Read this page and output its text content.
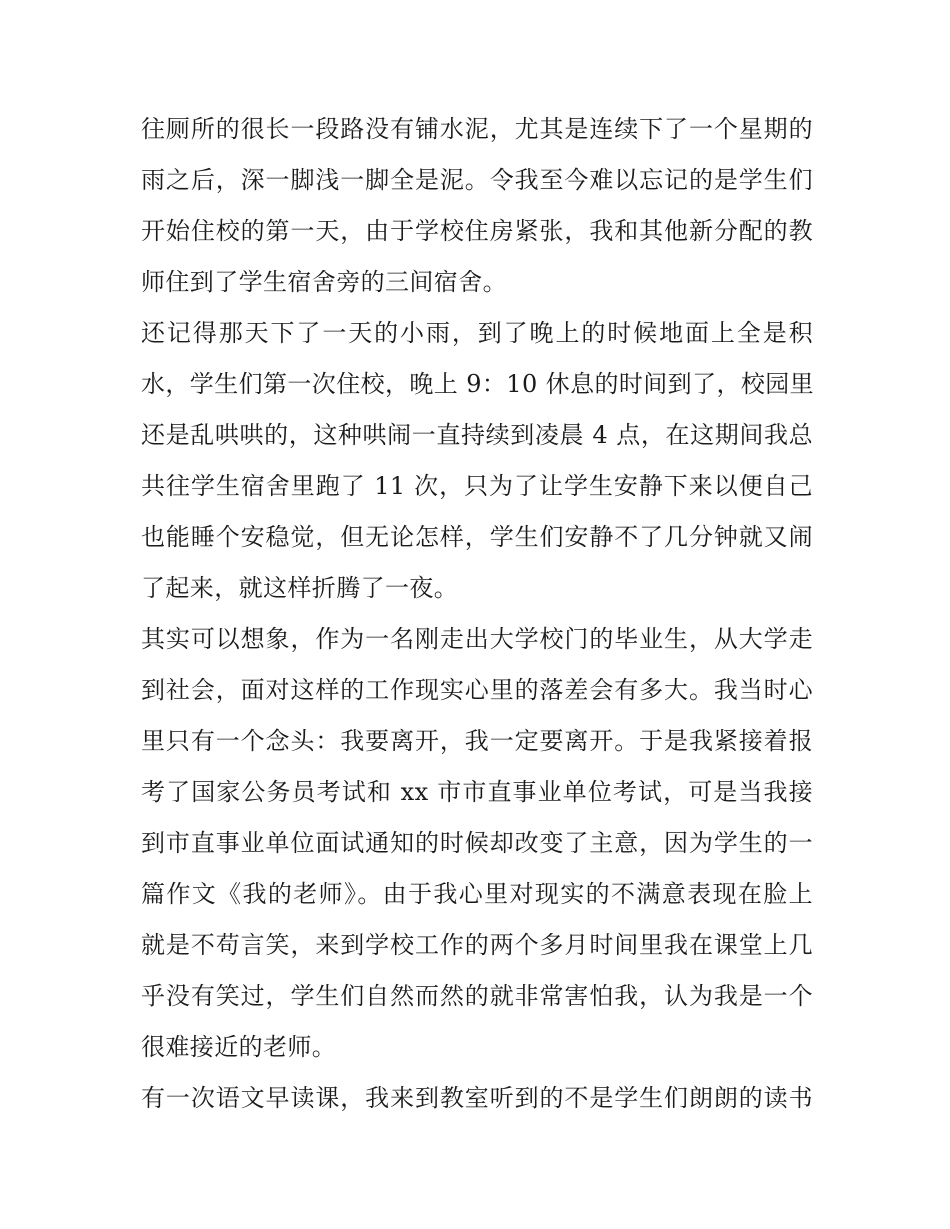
往厕所的很长一段路没有铺水泥，尤其是连续下了一个星期的
雨之后，深一脚浅一脚全是泥。令我至今难以忘记的是学生们
开始住校的第一天，由于学校住房紧张，我和其他新分配的教
师住到了学生宿舍旁的三间宿舍。
还记得那天下了一天的小雨，到了晚上的时候地面上全是积
水，学生们第一次住校，晚上 9：10 休息的时间到了，校园里
还是乱哄哄的，这种哄闹一直持续到凌晨 4 点，在这期间我总
共往学生宿舍里跑了 11 次，只为了让学生安静下来以便自己
也能睡个安稳觉，但无论怎样，学生们安静不了几分钟就又闹
了起来，就这样折腾了一夜。
其实可以想象，作为一名刚走出大学校门的毕业生，从大学走
到社会，面对这样的工作现实心里的落差会有多大。我当时心
里只有一个念头：我要离开，我一定要离开。于是我紧接着报
考了国家公务员考试和 xx 市市直事业单位考试，可是当我接
到市直事业单位面试通知的时候却改变了主意，因为学生的一
篇作文《我的老师》。由于我心里对现实的不满意表现在脸上
就是不苟言笑，来到学校工作的两个多月时间里我在课堂上几
乎没有笑过，学生们自然而然的就非常害怕我，认为我是一个
很难接近的老师。
有一次语文早读课，我来到教室听到的不是学生们朗朗的读书
